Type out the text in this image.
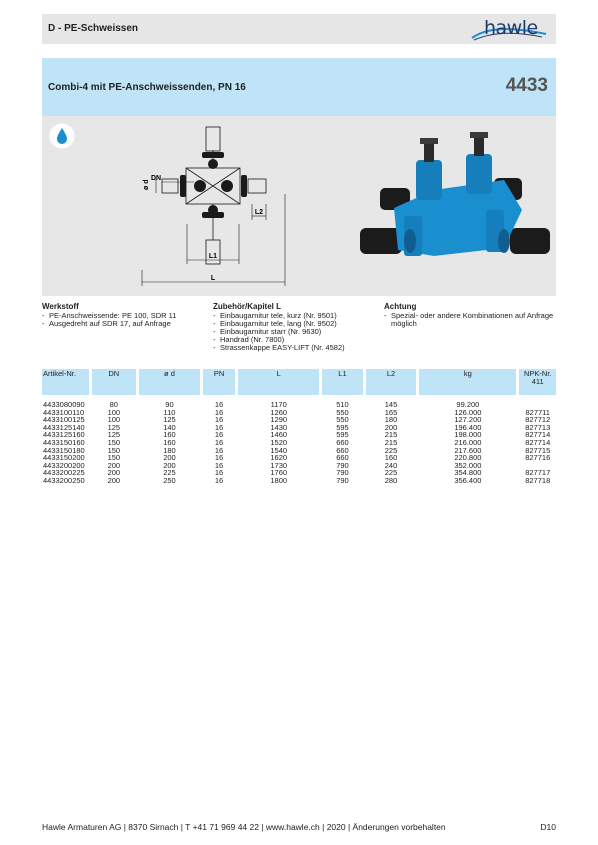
D - PE-Schweissen	hawle
Combi-4 mit PE-Anschweissenden, PN 16	4433
DN
ø d
L2
L1
L
Werkstoff
- PE-Anschweissende: PE 100, SDR 11
- Ausgedreht auf SDR 17, auf Anfrage
Zubehör/Kapitel L
- Einbaugarnitur tele, kurz (Nr. 9501)
- Einbaugarnitur tele, lang (Nr. 9502)
- Einbaugarnitur starr (Nr. 9630)
- Handrad (Nr. 7800)
- Strassenkappe EASY-LIFT (Nr. 4582)
Achtung
- Spezial- oder andere Kombinationen auf Anfrage möglich
Artikel-Nr.		DN		ø d		PN		L		L1		L2		kg		NPK-Nr. 411

4433080090		80		90		16		1170		510		145		99.200		
4433100110		100		110		16		1260		550		165		126.000		827711
4433100125		100		125		16		1290		550		180		127.200		827712
4433125140		125		140		16		1430		595		200		196.400		827713
4433125160		125		160		16		1460		595		215		198.000		827714
4433150160		150		160		16		1520		660		215		216.000		827714
4433150180		150		180		16		1540		660		225		217.600		827715
4433150200		150		200		16		1620		660		160		220.800		827716
4433200200		200		200		16		1730		790		240		352.000		
4433200225		200		225		16		1760		790		225		354.800		827717
4433200250		200		250		16		1800		790		280		356.400		827718
Hawle Armaturen AG | 8370 Sirnach | T +41 71 969 44 22 | www.hawle.ch | 2020 | Änderungen vorbehalten	D10
